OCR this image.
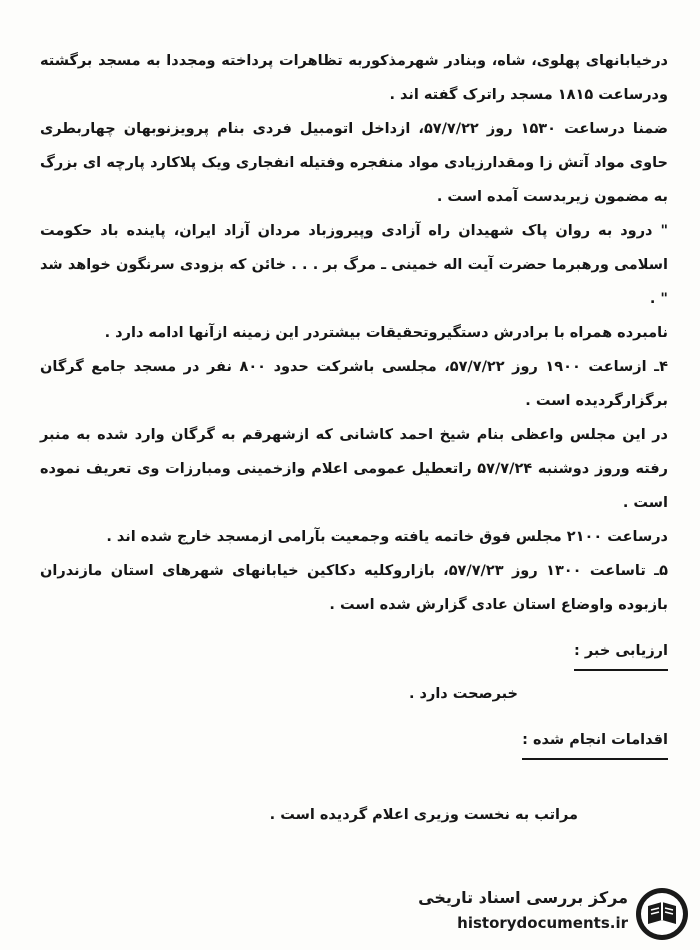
درخیابانهای پهلوی، شاه، وبنادر شهرمذکوربه تظاهرات پرداخته ومجددا به مسجد برگشته ودرساعت ۱۸۱۵ مسجد راترک گفته اند .

ضمنا درساعت ۱۵۳۰ روز ۵۷/۷/۲۲، ازداخل اتومبیل فردی بنام پرویزنوبهان چهاربطری حاوی مواد آتش زا ومقدارزیادی مواد منفجره وفتیله انفجاری ویک پلاکارد پارچه ای بزرگ به مضمون زیربدست آمده است .

" درود به روان پاک شهیدان راه آزادی وپیروزباد مردان آزاد ایران، پاینده باد حکومت اسلامی ورهبرما حضرت آیت اله خمینی ـ مرگ بر . . . خائن که بزودی سرنگون خواهد شد " .

نامبرده همراه با برادرش دستگیروتحقیقات بیشتردر این زمینه ازآنها ادامه دارد .

۴ـ ازساعت ۱۹۰۰ روز ۵۷/۷/۲۲، مجلسی باشرکت حدود ۸۰۰ نفر در مسجد جامع گرگان برگزارگردیده است .

در این مجلس واعظی بنام شیخ احمد کاشانی که ازشهرقم به گرگان وارد شده به منبر رفته وروز دوشنبه ۵۷/۷/۲۴ راتعطیل عمومی اعلام وازخمینی ومبارزات وی تعریف نموده است .

درساعت ۲۱۰۰ مجلس فوق خاتمه یافته وجمعیت بآرامی ازمسجد خارج شده اند .

۵ـ تاساعت ۱۳۰۰ روز ۵۷/۷/۲۳، بازاروکلیه دکاکین خیابانهای شهرهای استان مازندران بازبوده واوضاع استان عادی گزارش شده است .

ارزیابی خبر :

خبرصحت دارد .

اقدامات انجام شده :

مراتب به نخست وزیری اعلام گردیده است .

مرکز بررسی اسناد تاریخی
historydocuments.ir
